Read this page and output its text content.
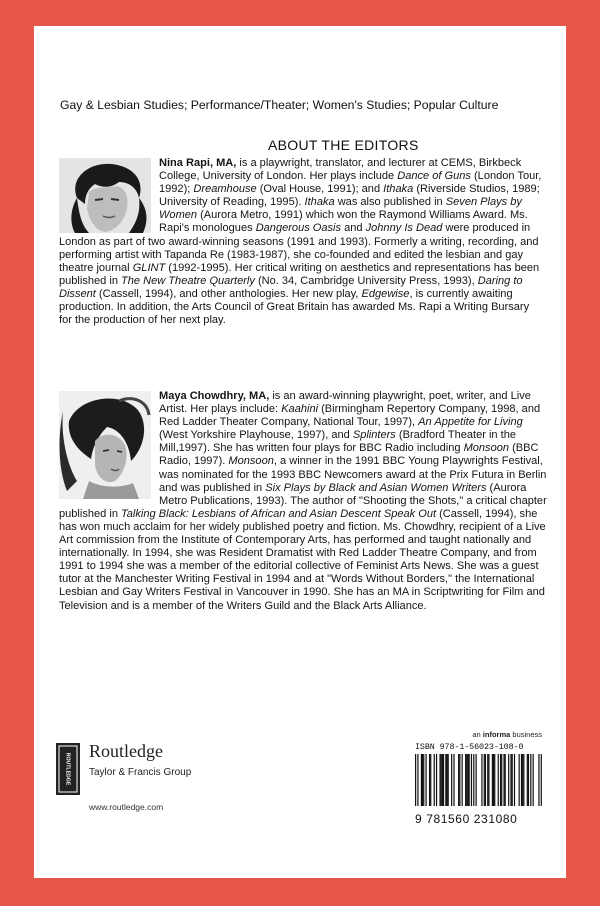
Gay & Lesbian Studies; Performance/Theater; Women's Studies; Popular Culture
ABOUT THE EDITORS
Nina Rapi, MA, is a playwright, translator, and lecturer at CEMS, Birkbeck College, University of London. Her plays include Dance of Guns (London Tour, 1992); Dreamhouse (Oval House, 1991); and Ithaka (Riverside Studios, 1989; University of Reading, 1995). Ithaka was also published in Seven Plays by Women (Aurora Metro, 1991) which won the Raymond Williams Award. Ms. Rapi's monologues Dangerous Oasis and Johnny Is Dead were produced in London as part of two award-winning seasons (1991 and 1993). Formerly a writing, recording, and performing artist with Tapanda Re (1983-1987), she co-founded and edited the lesbian and gay theatre journal GLINT (1992-1995). Her critical writing on aesthetics and representations has been published in The New Theatre Quarterly (No. 34, Cambridge University Press, 1993), Daring to Dissent (Cassell, 1994), and other anthologies. Her new play, Edgewise, is currently awaiting production. In addition, the Arts Council of Great Britain has awarded Ms. Rapi a Writing Bursary for the production of her next play.
Maya Chowdhry, MA, is an award-winning playwright, poet, writer, and Live Artist. Her plays include: Kaahini (Birmingham Repertory Company, 1998, and Red Ladder Theater Company, National Tour, 1997), An Appetite for Living (West Yorkshire Playhouse, 1997), and Splinters (Bradford Theater in the Mill,1997). She has written four plays for BBC Radio including Monsoon (BBC Radio, 1997). Monsoon, a winner in the 1991 BBC Young Playwrights Festival, was nominated for the 1993 BBC Newcomers award at the Prix Futura in Berlin and was published in Six Plays by Black and Asian Women Writers (Aurora Metro Publications, 1993). The author of "Shooting the Shots," a critical chapter published in Talking Black: Lesbians of African and Asian Descent Speak Out (Cassell, 1994), she has won much acclaim for her widely published poetry and fiction. Ms. Chowdhry, recipient of a Live Art commission from the Institute of Contemporary Arts, has performed and taught nationally and internationally. In 1994, she was Resident Dramatist with Red Ladder Theatre Company, and from 1991 to 1994 she was a member of the editorial collective of Feminist Arts News. She was a guest tutor at the Manchester Writing Festival in 1994 and at "Words Without Borders," the International Lesbian and Gay Writers Festival in Vancouver in 1990. She has an MA in Scriptwriting for Film and Television and is a member of the Writers Guild and the Black Arts Alliance.
ROUTLEDGE
Routledge
Taylor & Francis Group
www.routledge.com
an informa business
ISBN 978-1-56023-108-0
9 781560 231080
